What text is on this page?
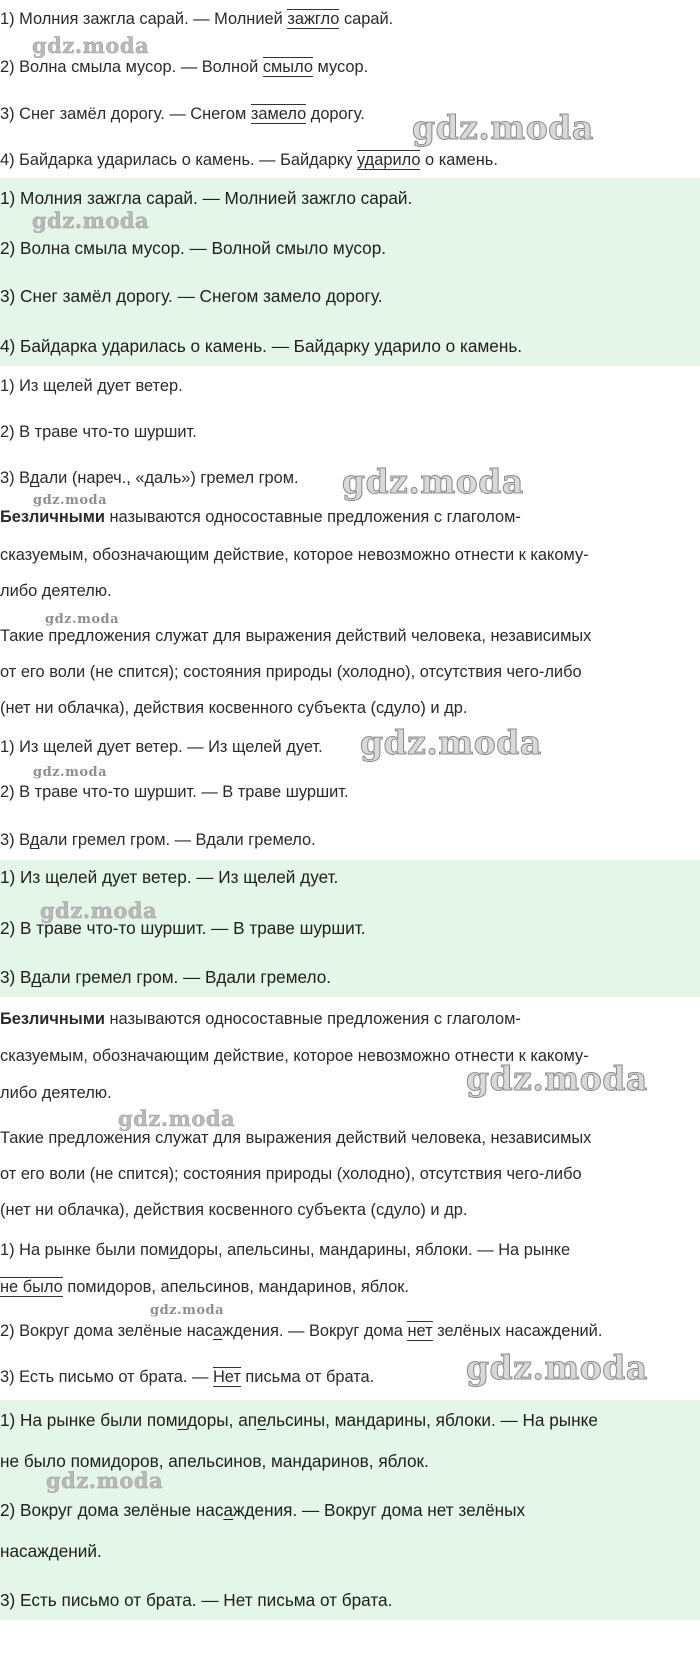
1) Молния зажгла сарай. — Молнией зажгло сарай.
2) Волна смыла мусор. — Волной смыло мусор.
3) Снег замёл дорогу. — Снегом замело дорогу.
4) Байдарка ударилась о камень. — Байдарку ударило о камень.
1) Молния зажгла сарай. — Молнией зажгло сарай.
2) Волна смыла мусор. — Волной смыло мусор.
3) Снег замёл дорогу. — Снегом замело дорогу.
4) Байдарка ударилась о камень. — Байдарку ударило о камень.
1) Из щелей дует ветер.
2) В траве что-то шуршит.
3) Вдали (нареч., «даль») гремел гром.
Безличными называются односоставные предложения с глаголом-
сказуемым, обозначающим действие, которое невозможно отнести к какому-
либо деятелю.
Такие предложения служат для выражения действий человека, независимых
от его воли (не спится); состояния природы (холодно), отсутствия чего-либо
(нет ни облачка), действия косвенного субъекта (сдуло) и др.
1) Из щелей дует ветер. — Из щелей дует.
2) В траве что-то шуршит. — В траве шуршит.
3) Вдали гремел гром. — Вдали гремело.
1) Из щелей дует ветер. — Из щелей дует.
2) В траве что-то шуршит. — В траве шуршит.
3) Вдали гремел гром. — Вдали гремело.
Безличными называются односоставные предложения с глаголом-
сказуемым, обозначающим действие, которое невозможно отнести к какому-
либо деятелю.
Такие предложения служат для выражения действий человека, независимых
от его воли (не спится); состояния природы (холодно), отсутствия чего-либо
(нет ни облачка), действия косвенного субъекта (сдуло) и др.
1) На рынке были помидоры, апельсины, мандарины, яблоки. — На рынке
не было помидоров, апельсинов, мандаринов, яблок.
2) Вокруг дома зелёные насаждения. — Вокруг дома нет зелёных насаждений.
3) Есть письмо от брата. — Нет письма от брата.
1) На рынке были помидоры, апельсины, мандарины, яблоки. — На рынке
не было помидоров, апельсинов, мандаринов, яблок.
2) Вокруг дома зелёные насаждения. — Вокруг дома нет зелёных
насаждений.
3) Есть письмо от брата. — Нет письма от брата.
gdz.moda
gdz.moda
gdz.moda
gdz.moda
gdz.moda
gdz.moda
gdz.moda
gdz.moda
gdz.moda
gdz.moda
gdz.moda
gdz.moda
gdz.moda
gdz.moda
